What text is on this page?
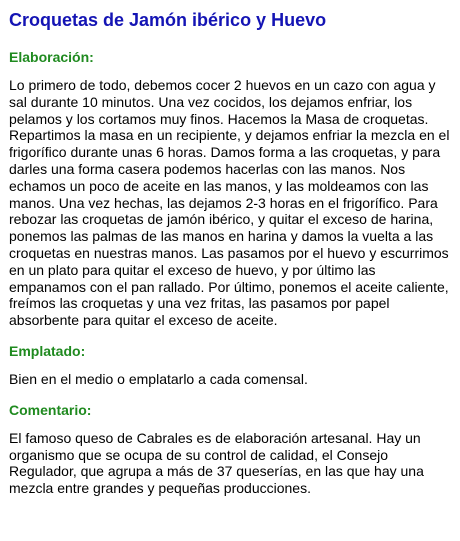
Croquetas de Jamón ibérico y Huevo
Elaboración:

Lo primero de todo, debemos cocer 2 huevos en un cazo con agua y sal durante 10 minutos. Una vez cocidos, los dejamos enfriar, los pelamos y los cortamos muy finos. Hacemos la Masa de croquetas. Repartimos la masa en un recipiente, y dejamos enfriar la mezcla en el frigorífico durante unas 6 horas. Damos forma a las croquetas, y para darles una forma casera podemos hacerlas con las manos. Nos echamos un poco de aceite en las manos, y las moldeamos con las manos. Una vez hechas, las dejamos 2-3 horas en el frigorífico. Para rebozar las croquetas de jamón ibérico, y quitar el exceso de harina, ponemos las palmas de las manos en harina y damos la vuelta a las croquetas en nuestras manos. Las pasamos por el huevo y escurrimos en un plato para quitar el exceso de huevo, y por último las empanamos con el pan rallado. Por último, ponemos el aceite caliente, freímos las croquetas y una vez fritas, las pasamos por papel absorbente para quitar el exceso de aceite.

Emplatado:

Bien en el medio o emplatarlo a cada comensal.

Comentario:

El famoso queso de Cabrales es de elaboración artesanal. Hay un organismo que se ocupa de su control de calidad, el Consejo Regulador, que agrupa a más de 37 queserías, en las que hay una mezcla entre grandes y pequeñas producciones.
